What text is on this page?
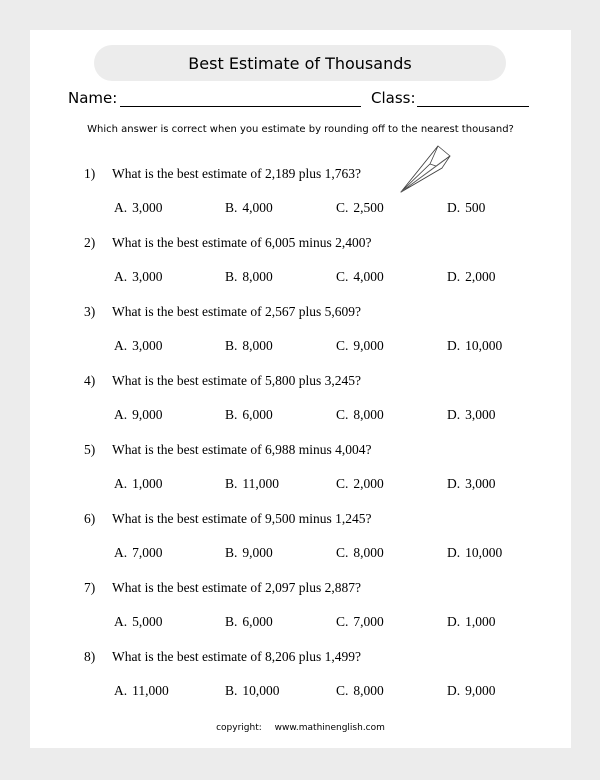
Best Estimate of Thousands
Name:	Class:
Which answer is correct when you estimate by rounding off to the nearest thousand?
1) What is the best estimate of 2,189 plus 1,763?
A. 3,000	B. 4,000	C. 2,500	D. 500
2) What is the best estimate of 6,005 minus 2,400?
A. 3,000	B. 8,000	C. 4,000	D. 2,000
3) What is the best estimate of 2,567 plus 5,609?
A. 3,000	B. 8,000	C. 9,000	D. 10,000
4) What is the best estimate of 5,800 plus 3,245?
A. 9,000	B. 6,000	C. 8,000	D. 3,000
5) What is the best estimate of 6,988 minus 4,004?
A. 1,000	B. 11,000	C. 2,000	D. 3,000
6) What is the best estimate of 9,500 minus 1,245?
A. 7,000	B. 9,000	C. 8,000	D. 10,000
7) What is the best estimate of 2,097 plus 2,887?
A. 5,000	B. 6,000	C. 7,000	D. 1,000
8) What is the best estimate of 8,206 plus 1,499?
A. 11,000	B. 10,000	C. 8,000	D. 9,000
copyright: www.mathinenglish.com
